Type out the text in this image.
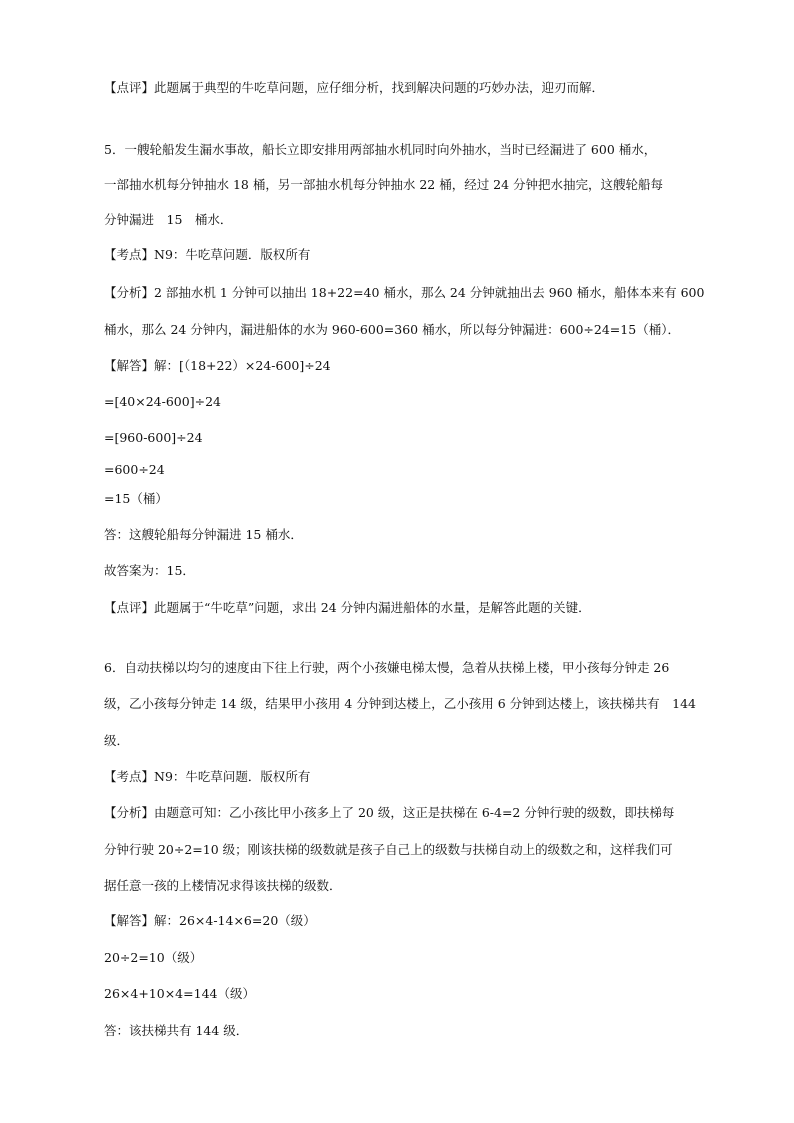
【点评】此题属于典型的牛吃草问题，应仔细分析，找到解决问题的巧妙办法，迎刃而解．
5．一艘轮船发生漏水事故，船长立即安排用两部抽水机同时向外抽水，当时已经漏进了 600 桶水，
一部抽水机每分钟抽水 18 桶，另一部抽水机每分钟抽水 22 桶，经过 24 分钟把水抽完，这艘轮船每
分钟漏进　15　桶水．
【考点】N9：牛吃草问题．版权所有
【分析】2 部抽水机 1 分钟可以抽出 18+22=40 桶水，那么 24 分钟就抽出去 960 桶水，船体本来有 600
桶水，那么 24 分钟内，漏进船体的水为 960-600=360 桶水，所以每分钟漏进：600÷24=15（桶）．
【解答】解：[（18+22）×24-600]÷24
=[40×24-600]÷24
=[960-600]÷24
=600÷24
=15（桶）
答：这艘轮船每分钟漏进 15 桶水．
故答案为：15．
【点评】此题属于“牛吃草”问题，求出 24 分钟内漏进船体的水量，是解答此题的关键．
6．自动扶梯以均匀的速度由下往上行驶，两个小孩嫌电梯太慢，急着从扶梯上楼，甲小孩每分钟走 26
级，乙小孩每分钟走 14 级，结果甲小孩用 4 分钟到达楼上，乙小孩用 6 分钟到达楼上，该扶梯共有　144
级．
【考点】N9：牛吃草问题．版权所有
【分析】由题意可知：乙小孩比甲小孩多上了 20 级，这正是扶梯在 6-4=2 分钟行驶的级数，即扶梯每
分钟行驶 20÷2=10 级；刚该扶梯的级数就是孩子自己上的级数与扶梯自动上的级数之和，这样我们可
据任意一孩的上楼情况求得该扶梯的级数．
【解答】解：26×4-14×6=20（级）
20÷2=10（级）
26×4+10×4=144（级）
答：该扶梯共有 144 级．
